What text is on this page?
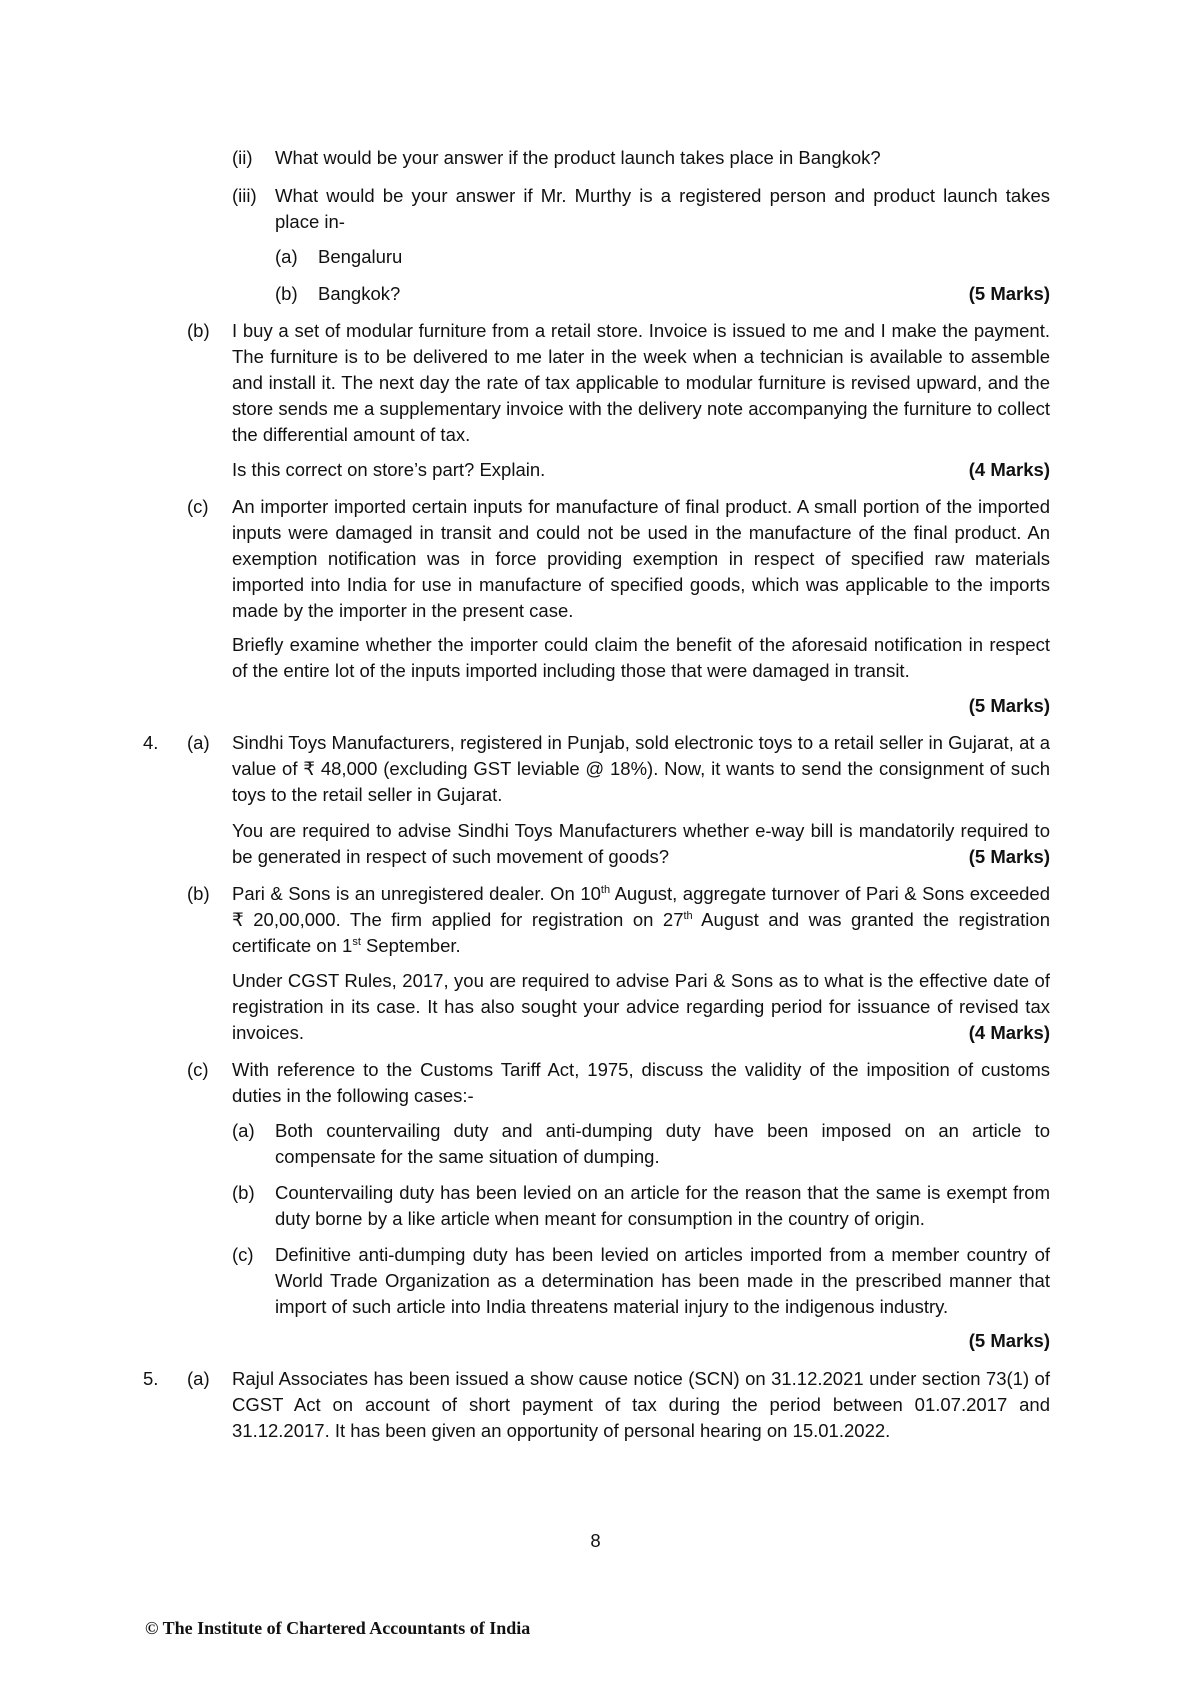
(ii) What would be your answer if the product launch takes place in Bangkok?
(iii) What would be your answer if Mr. Murthy is a registered person and product launch takes place in-
(a) Bengaluru
(b) Bangkok?	(5 Marks)
(b) I buy a set of modular furniture from a retail store. Invoice is issued to me and I make the payment. The furniture is to be delivered to me later in the week when a technician is available to assemble and install it. The next day the rate of tax applicable to modular furniture is revised upward, and the store sends me a supplementary invoice with the delivery note accompanying the furniture to collect the differential amount of tax.
Is this correct on store’s part? Explain.	(4 Marks)
(c) An importer imported certain inputs for manufacture of final product. A small portion of the imported inputs were damaged in transit and could not be used in the manufacture of the final product. An exemption notification was in force providing exemption in respect of specified raw materials imported into India for use in manufacture of specified goods, which was applicable to the imports made by the importer in the present case.
Briefly examine whether the importer could claim the benefit of the aforesaid notification in respect of the entire lot of the inputs imported including those that were damaged in transit.
(5 Marks)
4. (a) Sindhi Toys Manufacturers, registered in Punjab, sold electronic toys to a retail seller in Gujarat, at a value of ₹ 48,000 (excluding GST leviable @ 18%). Now, it wants to send the consignment of such toys to the retail seller in Gujarat.
You are required to advise Sindhi Toys Manufacturers whether e-way bill is mandatorily required to be generated in respect of such movement of goods?	(5 Marks)
(b) Pari & Sons is an unregistered dealer. On 10th August, aggregate turnover of Pari & Sons exceeded ₹ 20,00,000. The firm applied for registration on 27th August and was granted the registration certificate on 1st September.
Under CGST Rules, 2017, you are required to advise Pari & Sons as to what is the effective date of registration in its case. It has also sought your advice regarding period for issuance of revised tax invoices.	(4 Marks)
(c) With reference to the Customs Tariff Act, 1975, discuss the validity of the imposition of customs duties in the following cases:-
(a) Both countervailing duty and anti-dumping duty have been imposed on an article to compensate for the same situation of dumping.
(b) Countervailing duty has been levied on an article for the reason that the same is exempt from duty borne by a like article when meant for consumption in the country of origin.
(c) Definitive anti-dumping duty has been levied on articles imported from a member country of World Trade Organization as a determination has been made in the prescribed manner that import of such article into India threatens material injury to the indigenous industry.
(5 Marks)
5. (a) Rajul Associates has been issued a show cause notice (SCN) on 31.12.2021 under section 73(1) of CGST Act on account of short payment of tax during the period between 01.07.2017 and 31.12.2017. It has been given an opportunity of personal hearing on 15.01.2022.
8
© The Institute of Chartered Accountants of India
